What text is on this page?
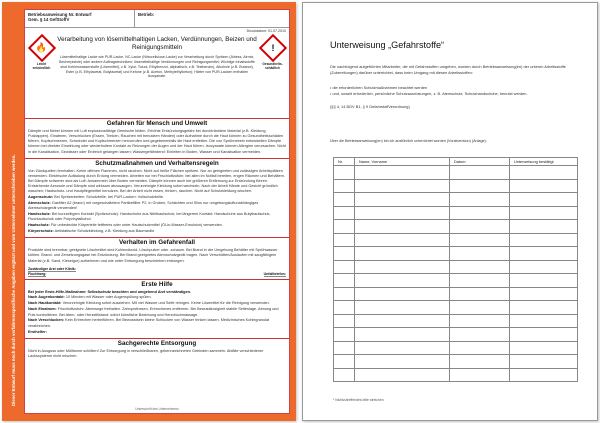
Dieser Entwurf muss noch durch verfahrensspezifische Angaben ergänzt und vom Unternehmer unterschrieben werden.
Betriebsanweisung Nr. Entwurf
Gem. § 14 GefStoffV
Betrieb:
Druckdatum: 01.07.2010
🔥
Leicht entzündlich
Verarbeitung von lösemittelhaltigen Lacken, Verdünnungen, Beizen und Reinigungsmitteln

Lösemittelhaltige Lacke wie PUR-Lacke, NC-Lacke (Nitrocellulose-Lacke) zur Verarbeitung durch Spritzen (Airless, Airmix, Becherpistole) oder andere Auftragstechniken; lösemittelhaltige Verdünnungen und Reinigungsmittel; Wichtige Inhaltsstoffe sind Kohlenwasserstoffe (Lösemittel), z.B. Xylol, Toluol, Ethylbenzol, aliphatisch, z.B. Testbenzin), Alkohole (z.B. Butanol), Ester (z.B. Ethylacetat, Butylacetat) und Ketone (z.B. Aceton, Methylethylketon); Härter von PUR-Lacken enthalten Isocyanate.

!
Gesundheits-schädlich
Gefahren für Mensch und Umwelt

Dämpfe und Nebel können mit Luft explosionsfähige Gemische bilden. Erhöhte Entzündungsgefahr bei durchtränktem Material (z.B. Kleidung, Putzlappen). Einatmen, Verschlucken (Essen, Trinken, Rauchen mit benutzten Händen) oder Aufnahme durch die Haut können zu Gesundheitsschäden führen, Kopfschmerzen, Schwindel und Kopfschmerzen hervorrufen und gegebenenfalls die Haut entfetten. Die von Sprühnebeln entwickelten Dämpfe können bei direkter Einwirkung oder wiederholtem Kontakt zu Reizungen der Augen und der Haut führen. Isocyanate können Allergien verursachen. Nicht in die Kanalisation, Gewässer oder Erdreich gelangen lassen; Wassergefährdend: Einleiten in Boden, Wasser und Kanalisation vermeiden.

Schutzmaßnahmen und Verhaltensregeln

Von Zündquellen fernhalten. Keine offenen Flammen, nicht rauchen. Nicht auf heiße Flächen spritzen. Nur an geeigneten und zulässigen Arbeitsplätzen verwenden. Elektrische Aufladung durch Erdung vermeiden. Arbeiten nur bei Frischluftzufuhr, bei allen im Notfall bereiten, engen Räumen und Behältern. Bei Dämpfe schwerer sind als Luft: Ansammeln über Boden vermeiden. Dämpfe können auch bei größeren Entfernung zur Entzündung führen. Entstehende Aerosole und Dämpfe sind wirksam abzusaugen. Verunreinigte Kleidung sofort wechseln. Nach der Arbeit Hände und Gesicht gründlich waschen; Hautschutz- und Hautpflegemittel benutzen. Bei der Arbeit nicht essen, trinken, rauchen. Nicht auf Schutzkleidung wischen.

Augenschutz: Bei Spritzarbeiten: Schutzbrille, bei PUR-Lacken: Vollschutzbrille.

Atemschutz: Gasfilter A2 (braun) mit vorgeschaltetem Partikelfilter P2, in Gruben, Schächten und Silos nur umgebungsluftunabhängiges Atemschutzgerät verwenden!

Handschutz: Bei kurzzeitigem Kontakt (Spritzschutz): Handschuhe aus Nitrilkautschuk; bei längerem Kontakt: Handschuhe aus Butylkautschuk, Fluorkautschuk oder Polyvinylalkohol.

Hautschutz: Für unbedeckte Körperteile fettfreies oder unter Hautschutzmittel (Öl-in-Wasser-Emulsion) verwenden.

Körperschutz: Antistatische Schutzkleidung, z.B. Kleidung aus Baumwolle.

Verhalten im Gefahrenfall

Produkte sind brennbar, geeignete Löschmittel sind Kohlendioxid, Löschpulver oder -schaum. Bei Brand in der Umgebung Behälter mit Sprühwasser kühlen. Brand- und Zersetzungsgase bei Entzündung. Bei Brand geeignetes Atemschutzgerät tragen. Nach Verschütten/Auslaufen mit saugfähigem Material (z.B. Sand, Kieselgur) aufnehmen und wie unter Entsorgung beschrieben entsorgen.

Zuständiger Arzt oder Klinik:
Fluchtweg:	Unfalltelefon:
Erste Hilfe

Bei jeder Erste-Hilfe-Maßnahme: Selbstschutz beachten und umgehend Arzt verständigen.

Nach Augenkontakt: 10 Minuten mit Wasser oder Augenspülung spülen.

Nach Hautkontakt: Verunreinigte Kleidung sofort ausziehen. Mit viel Wasser und Seife reinigen. Keine Lösemittel für die Reinigung verwenden.

Nach Einatmen: Frischluftzufuhr. Atemwege freihalten. Zahnprothesen, Erbrochenes entfernen. Bei Bewusstlosigkeit stabile Seitenlage. Atmung und Puls kontrollieren. Bei Atem- oder Herzstillstand: sofort künstliche Beatmung und Herzdruckmassage.

Nach Verschlucken: Kein Erbrechen herbeiführen. Bei Bewusstsein kleine Schlucken von Wasser trinken lassen. Medizinisches Kohlegranulat verabreichen.

Ersthelfer:

Sachgerechte Entsorgung

Nicht in Ausguss oder Mülltonne schütten! Zur Entsorgung in verschließbaren, gekennzeichneten Gebinden sammeln. Abfälle verschiedener Lackssysteme nicht mischen.

Unterschrift des Unternehmers
Unterweisung „Gefahrstoffe“
Die nachfolgend aufgeführten Mitarbeiter, die mit Gefahrstoffen umgehen, wurden durch Betriebsanweisung(en) der unteren Arbeitsstoffe (Zubereitungen) darüber unterrichtet, dass beim Umgang mit diesen Arbeitsstoffen:
• die erforderlichen Schutzmaßnahmen beachtet werden
• und, soweit erforderlich, persönliche Schutzausrüstungen, z. B. Atemschutz, Schutzhandschuhe, benutzt werden.
(§§ 4, 14 BGV B1, § 9 GefahrstoffVerordnung)
Über die Betriebsanweisung(en) bin ich ausführlich unterrichtet worden (Vorabversion) (Anlage).
Nr.	Name, Vorname	Datum	Unterweisung bestätigt

* Nichtzutreffendes bitte streichen
